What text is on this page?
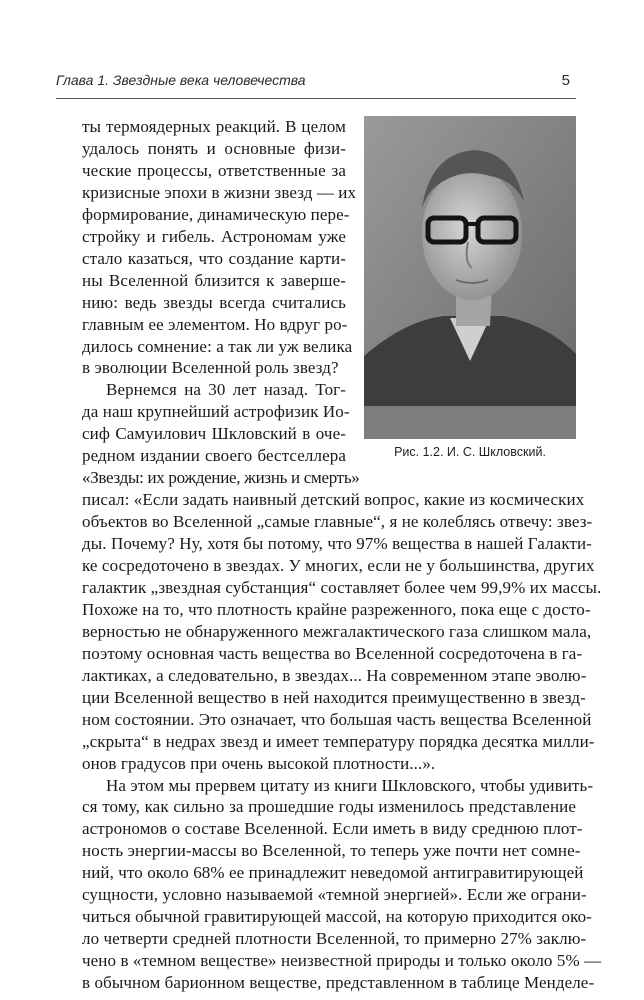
Глава 1. Звездные века человечества	5
Рис. 1.2. И. С. Шкловский.

ты термоядерных реакций. В целом

удалось понять и основные физи-

ческие процессы, ответственные за

кризисные эпохи в жизни звезд — их

формирование, динамическую пере-

стройку и гибель. Астрономам уже

стало казаться, что создание карти-

ны Вселенной близится к заверше-

нию: ведь звезды всегда считались

главным ее элементом. Но вдруг ро-

дилось сомнение: а так ли уж велика

в эволюции Вселенной роль звезд?

Вернемся на 30 лет назад. Тог-

да наш крупнейший астрофизик Ио-

сиф Самуилович Шкловский в оче-

редном издании своего бестселлера

«Звезды: их рождение, жизнь и смерть»

писал: «Если задать наивный детский вопрос, какие из космических

объектов во Вселенной „самые главные“, я не колеблясь отвечу: звез-

ды. Почему? Ну, хотя бы потому, что 97% вещества в нашей Галакти-

ке сосредоточено в звездах. У многих, если не у большинства, других

галактик „звездная субстанция“ составляет более чем 99,9% их массы.

Похоже на то, что плотность крайне разреженного, пока еще с досто-

верностью не обнаруженного межгалактического газа слишком мала,

поэтому основная часть вещества во Вселенной сосредоточена в га-

лактиках, а следовательно, в звездах... На современном этапе эволю-

ции Вселенной вещество в ней находится преимущественно в звезд-

ном состоянии. Это означает, что большая часть вещества Вселенной

„скрыта“ в недрах звезд и имеет температуру порядка десятка милли-

онов градусов при очень высокой плотности...».

На этом мы прервем цитату из книги Шкловского, чтобы удивить-

ся тому, как сильно за прошедшие годы изменилось представление

астрономов о составе Вселенной. Если иметь в виду среднюю плот-

ность энергии-массы во Вселенной, то теперь уже почти нет сомне-

ний, что около 68% ее принадлежит неведомой антигравитирующей

сущности, условно называемой «темной энергией». Если же ограни-

читься обычной гравитирующей массой, на которую приходится око-

ло четверти средней плотности Вселенной, то примерно 27% заклю-

чено в «темном веществе» неизвестной природы и только около 5% —

в обычном барионном веществе, представленном в таблице Менделе-
